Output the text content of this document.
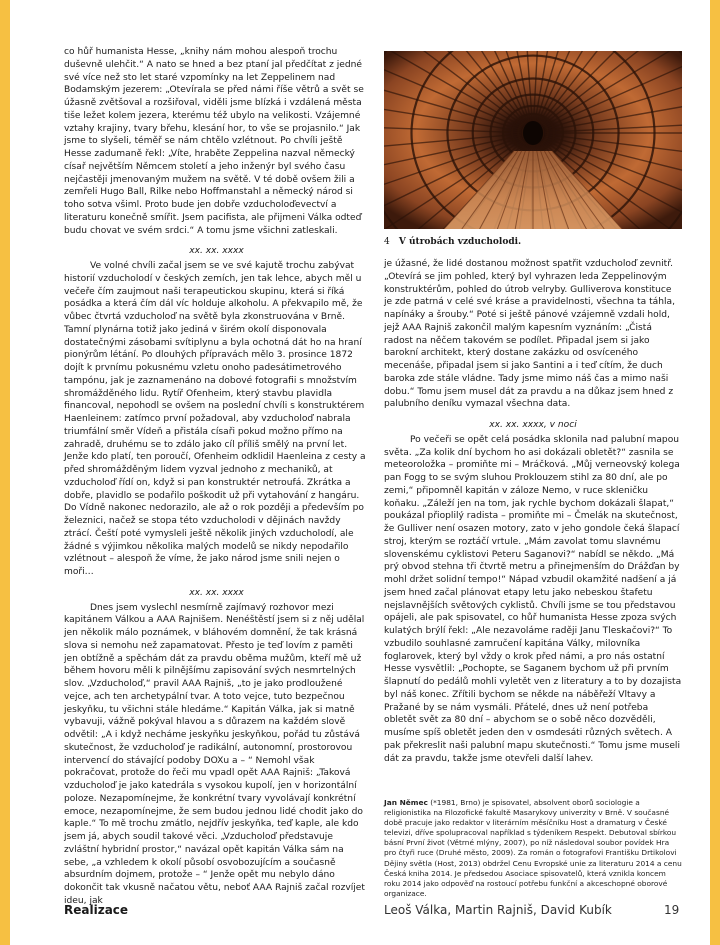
co hůř humanista Hesse, „knihy nám mohou alespoň trochu duševně ulehčit.“ A nato se hned a bez ptaní jal předčítat z jedné své více než sto let staré vzpomínky na let Zeppelinem nad Bodamským jezerem: „Otevírala se před námi říše větrů a svět se úžasně zvětšoval a rozšiřoval, viděli jsme blízká i vzdálená města tiše ležet kolem jezera, kterému též ubylo na velikosti. Vzájemné vztahy krajiny, tvary břehu, klesání hor, to vše se projasnilo.“ Jak jsme to slyšeli, téměř se nám chtělo vzlétnout. Po chvíli ještě Hesse zadumaně řekl: „Víte, hraběte Zeppelina nazval německý císař největším Němcem století a jeho inženýr byl svého času nejčastěji jmenovaným mužem na světě. V té době ovšem žili a zemřeli Hugo Ball, Rilke nebo Hoffmanstahl a německý národ si toho sotva všiml. Proto bude jen dobře vzducholoďevectví a literaturu konečně smířit. Jsem pacifista, ale přijmeni Válka odteď budu chovat ve svém srdci.“ A tomu jsme všichni zatleskali.

xx. xx. xxxx

Ve volné chvíli začal jsem se ve své kajutě trochu zabývat historií vzducholodí v českých zemích, jen tak lehce, abych měl u večeře čím zaujmout naši terapeutickou skupinu, která si říká posádka a která čím dál víc holduje alkoholu. A překvapilo mě, že vůbec čtvrtá vzducholoď na světě byla zkonstruována v Brně. Tamní plynárna totiž jako jediná v širém okolí disponovala dostatečnými zásobami svítiplynu a byla ochotná dát ho na hraní pionýrům létání. Po dlouhých přípravách mělo 3. prosince 1872 dojít k prvnímu pokusnému vzletu onoho padesátimetrového tampónu, jak je zaznamenáno na dobové fotografii s množstvím shromážděného lidu. Rytíř Ofenheim, který stavbu plavidla financoval, nepohodl se ovšem na poslední chvíli s konstruktérem Haenleinem: zatímco první požadoval, aby vzducholoď nabrala triumfální směr Vídeň a přistála císaři pokud možno přímo na zahradě, druhému se to zdálo jako cíl příliš smělý na první let. Jenže kdo platí, ten poroučí, Ofenheim odklidil Haenleina z cesty a před shromážděným lidem vyzval jednoho z mechaniků, at vzducholoď řídí on, když si pan konstruktér netroufá. Zkrátka a dobře, plavidlo se podařilo poškodit už při vytahování z hangáru. Do Vídně nakonec nedorazilo, ale až o rok později a především po železnici, načež se stopa této vzducholodi v dějinách navždy ztrácí. Čeští poté vymysleli ještě několik jiných vzducholodí, ale žádné s výjimkou několika malých modelů se nikdy nepodařilo vzlétnout – alespoň že víme, že jako národ jsme snili nejen o moři…

xx. xx. xxxx

Dnes jsem vyslechl nesmírně zajímavý rozhovor mezi kapitánem Válkou a AAA Rajnišem. Nenéštěstí jsem si z něj udělal jen několik málo poznámek, v bláhovém domnění, že tak krásná slova si nemohu než zapamatovat. Přesto je teď lovím z paměti jen obtížně a spěchám dát za pravdu oběma mužům, kteří mě už během hovoru měli k pilnějšímu zapisování svých nesmrtelných slov. „Vzducholoď,“ pravil AAA Rajniš, „to je jako prodloužené vejce, ach ten archetypální tvar. A toto vejce, tuto bezpečnou jeskyňku, tu všichni stále hledáme.“ Kapitán Válka, jak si matně vybavuji, vážně pokýval hlavou a s důrazem na každém slově odvětil: „A i když necháme jeskyňku jeskyňkou, pořád tu zůstává skutečnost, že vzducholoď je radikální, autonomní, prostorovou intervencí do stávající podoby DOXu a – “ Nemohl však pokračovat, protože do řeči mu vpadl opět AAA Rajniš: „Taková vzducholoď je jako katedrála s vysokou kupolí, jen v horizontální poloze. Nezapomínejme, že konkrétní tvary vyvolávají konkrétní emoce, nezapomínejme, že sem budou jednou lidé chodit jako do kaple.“ To mě trochu zmátlo, nejdřív jeskyňka, teď kaple, ale kdo jsem já, abych soudil takové věci. „Vzducholoď představuje zvláštní hybridní prostor,“ navázal opět kapitán Válka sám na sebe, „a vzhledem k okolí působí osvobozujícím a současně absurdním dojmem, protože – “ Jenže opět mu nebylo dáno dokončit tak vkusně načatou větu, neboť AAA Rajniš začal rozvíjet ideu, jak

4 V útrobách vzducholodi.

je úžasné, že lidé dostanou možnost spatřit vzducholoď zevnitř. „Otevírá se jim pohled, který byl vyhrazen leda Zeppelinovým konstruktérům, pohled do útrob velryby. Gulliverova konstituce je zde patrná v celé své kráse a pravidelnosti, všechna ta táhla, napínáky a šrouby.“ Poté si ještě pánové vzájemně vzdali hold, jejž AAA Rajniš zakončil malým kapesním vyznáním: „Čistá radost na něčem takovém se podílet. Připadal jsem si jako barokní architekt, který dostane zakázku od osvíceného mecenáše, připadal jsem si jako Santini a i teď cítím, že duch baroka zde stále vládne. Tady jsme mimo náš čas a mimo naši dobu.“ Tomu jsem musel dát za pravdu a na důkaz jsem hned z palubního deníku vymazal všechna data.

xx. xx. xxxx, v noci

Po večeři se opět celá posádka sklonila nad palubní mapou světa. „Za kolik dní bychom ho asi dokázali obletět?“ zasnila se meteoroložka – promiňte mi – Mráčková. „Můj verneovský kolega pan Fogg to se svým sluhou Proklouzem stihl za 80 dní, ale po zemi,“ připomněl kapitán v záloze Nemo, v ruce skleničku koňaku. „Záleží jen na tom, jak rychle bychom dokázali šlapat,“ poukázal přioplilý radista – promiňte mi – Čmelák na skutečnost, že Gulliver není osazen motory, zato v jeho gondole čeká šlapací stroj, kterým se roztáčí vrtule. „Mám zavolat tomu slavnému slovenskému cyklistovi Peteru Saganovi?“ nabídl se někdo. „Má prý obvod stehna tři čtvrtě metru a přinejmenším do Drážďan by mohl držet solidní tempo!“ Nápad vzbudil okamžité nadšení a já jsem hned začal plánovat etapy letu jako nebeskou štafetu nejslavnějších světových cyklistů. Chvíli jsme se tou představou opájeli, ale pak spisovatel, co hůř humanista Hesse zpoza svých kulatých brýlí řekl: „Ale nezavoláme raději Janu Tleskačovi?“ To vzbudilo souhlasné zamručení kapitána Války, milovníka foglarovek, který byl vždy o krok před námi, a pro nás ostatní Hesse vysvětlil: „Pochopte, se Saganem bychom už při prvním šlapnutí do pedálů mohli vyletět ven z literatury a to by dozajista byl náš konec. Zřítili bychom se někde na náběřeží Vltavy a Pražané by se nám vysmáli. Přátelé, dnes už není potřeba obletět svět za 80 dní – abychom se o sobě něco dozvěděli, musíme spíš obletět jeden den v osmdesáti různých světech. A pak překreslit naši palubní mapu skutečnosti.“ Tomu jsme museli dát za pravdu, takže jsme otevřeli další lahev.

Jan Němec (*1981, Brno) je spisovatel, absolvent oborů sociologie a religionistika na Filozofické fakultě Masarykovy univerzity v Brně. V současné době pracuje jako redaktor v literárním měsíčníku Host a dramaturg v České televizi, dříve spolupracoval například s týdeníkem Respekt. Debutoval sbírkou básní První život (Větrné mlýny, 2007), po níž následoval soubor povídek Hra pro čtyři ruce (Druhé město, 2009). Za román o fotografovi Františku Drtikolovi Dějiny světla (Host, 2013) obdržel Cenu Evropské unie za literaturu 2014 a cenu Česká kniha 2014. Je předsedou Asociace spisovatelů, která vznikla koncem roku 2014 jako odpověď na rostoucí potřebu funkční a akceschopné oborové organizace.
Realizace	Leoš Válka, Martin Rajniš, David Kubík	19
